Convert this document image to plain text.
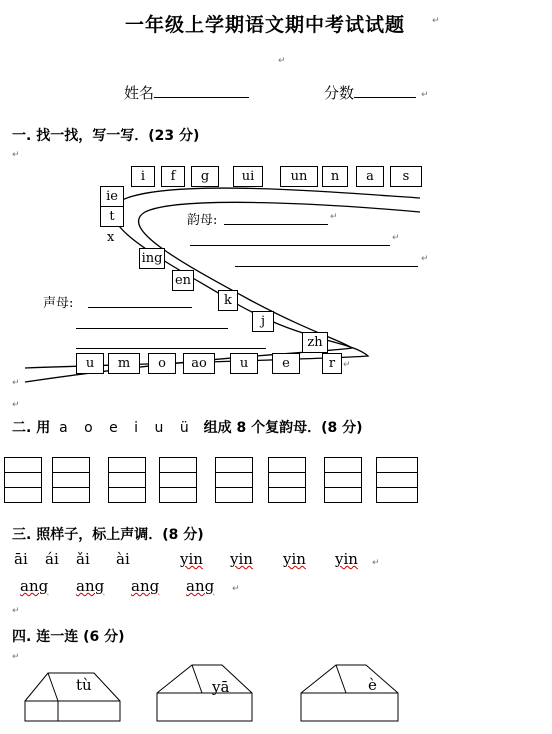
一年级上学期语文期中考试试题	↵
↵
姓名	分数	↵
一. 找一找，写一写．(23 分)
↵
i	f	g	ui	un	n	a	s
ie
t
x
韵母:	↵
↵
↵
ing
en
k
j
zh
声母:
u	m	o	ao	u	e	r ↵
↵
↵
二. 用 a o e i u ü 组成 8 个复韵母．(8 分)
三. 照样子，标上声调．(8 分)
āi ái ǎi ài	yin yin yin yin ↵
ang ang ang ang ↵
↵
四. 连一连 (6 分)
↵
tù	yā	è
